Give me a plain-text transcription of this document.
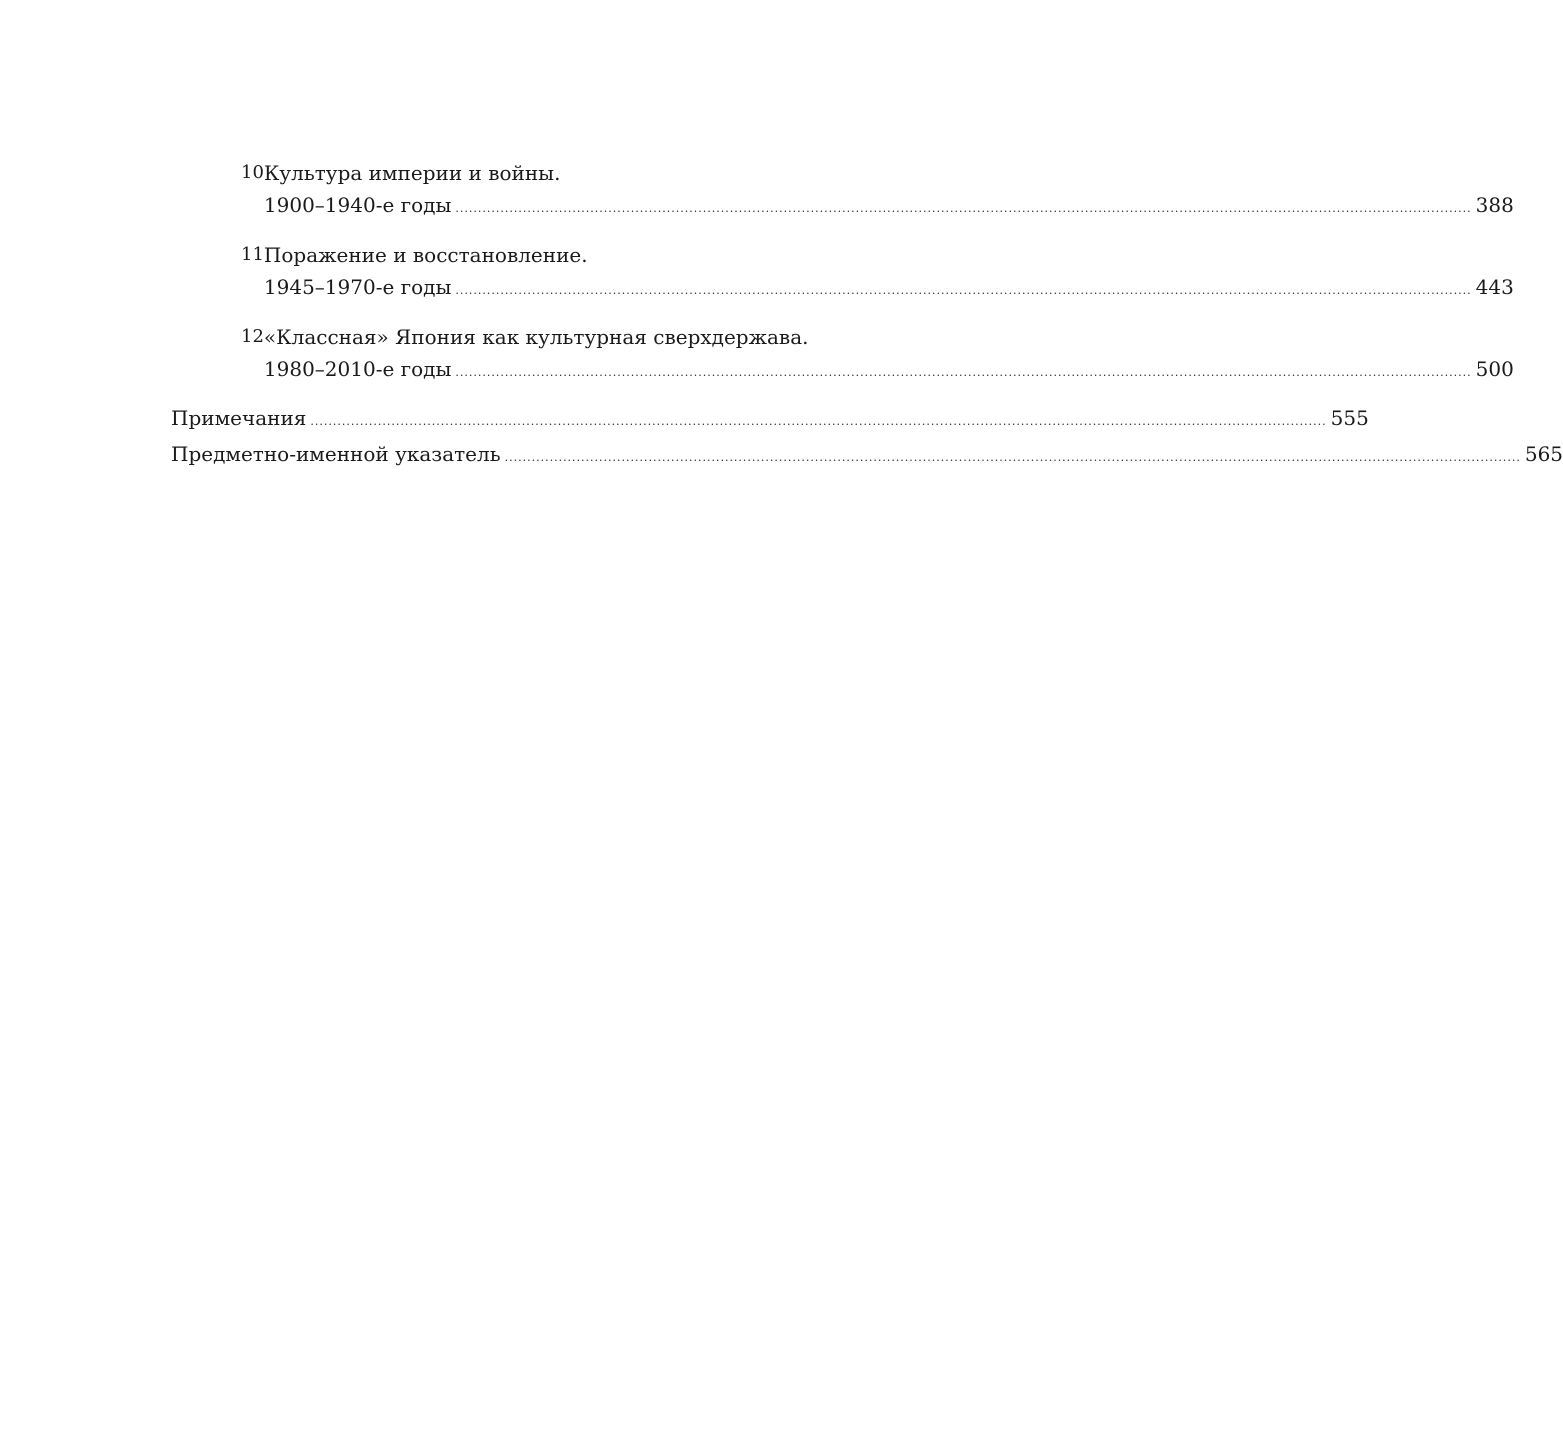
10 Культура империи и войны.
1900–1940-е годы .....	388
11 Поражение и восстановление.
1945–1970-е годы .....	443
12 «Классная» Япония как культурная сверхдержава.
1980–2010-е годы .....	500
Примечания .....	555
Предметно-именной указатель .....	565
